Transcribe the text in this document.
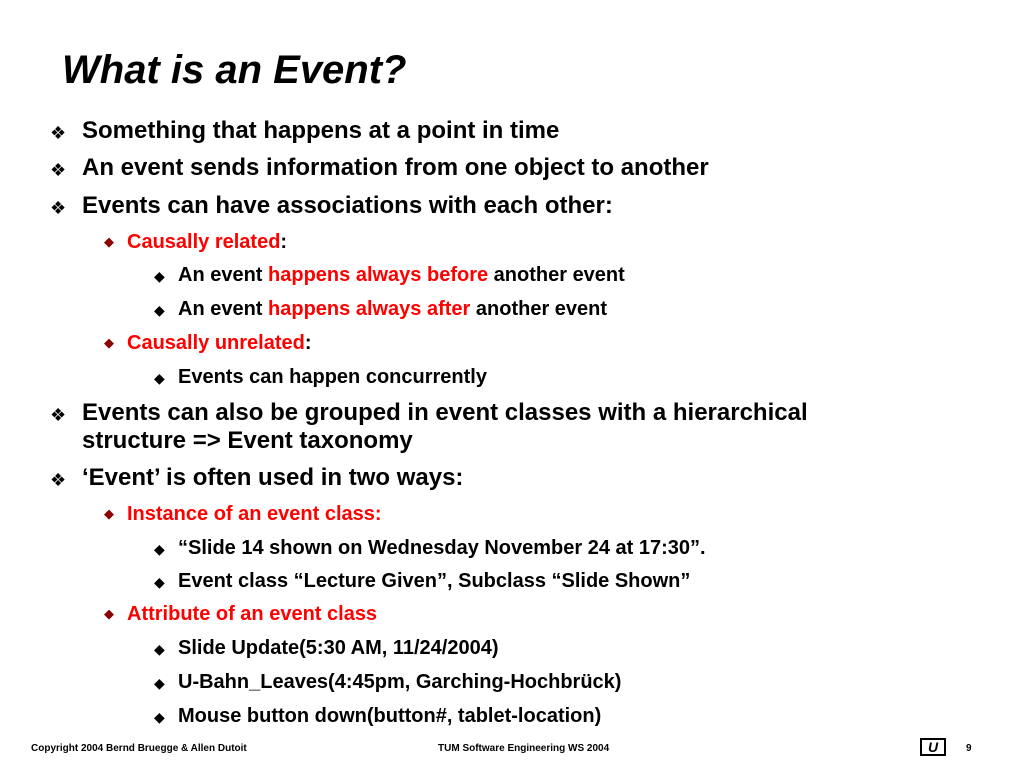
What is an Event?
❖ Something that happens at a point in time
❖ An event sends information from one object to another
❖ Events can have associations with each other:
◆ Causally related:
◆ An event happens always before another event
◆ An event happens always after another event
◆ Causally unrelated:
◆ Events can happen concurrently
❖ Events can also be grouped in event classes with a hierarchical
structure => Event taxonomy
❖ ‘Event’ is often used in two ways:
◆ Instance of an event class:
◆ “Slide 14 shown on Wednesday November 24 at 17:30”.
◆ Event class “Lecture Given”, Subclass “Slide Shown”
◆ Attribute of an event class
◆ Slide Update(5:30 AM, 11/24/2004)
◆ U-Bahn_Leaves(4:45pm, Garching-Hochbrück)
◆ Mouse button down(button#, tablet-location)
Copyright 2004 Bernd Bruegge & Allen Dutoit	TUM Software Engineering WS 2004	U	9
